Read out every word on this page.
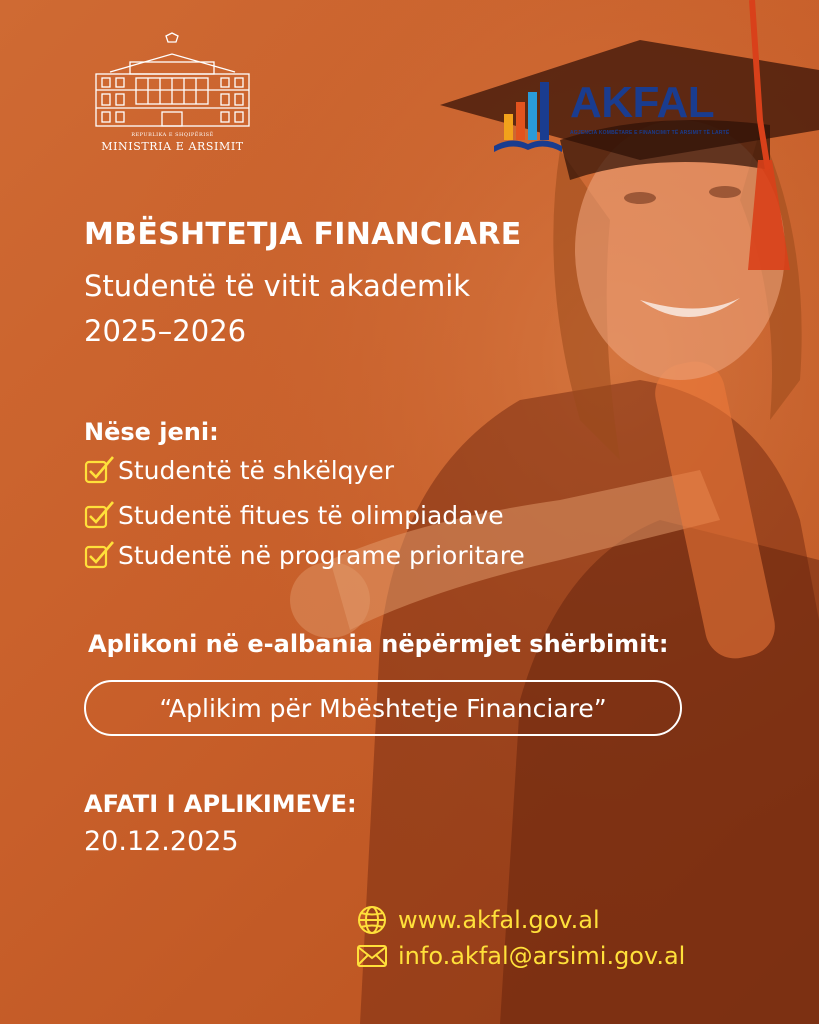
REPUBLIKA E SHQIPËRISË
MINISTRIA E ARSIMIT
AKFAL
AGJENCIA KOMBËTARE E FINANCIMIT TË ARSIMIT TË LARTË
MBËSHTETJA FINANCIARE
Studentë të vitit akademik
2025–2026
Nëse jeni:
Studentë të shkëlqyer
Studentë fitues të olimpiadave
Studentë në programe prioritare
Aplikoni në e-albania nëpërmjet shërbimit:
“Aplikim për Mbështetje Financiare”
AFATI I APLIKIMEVE:
20.12.2025
www.akfal.gov.al
info.akfal@arsimi.gov.al
